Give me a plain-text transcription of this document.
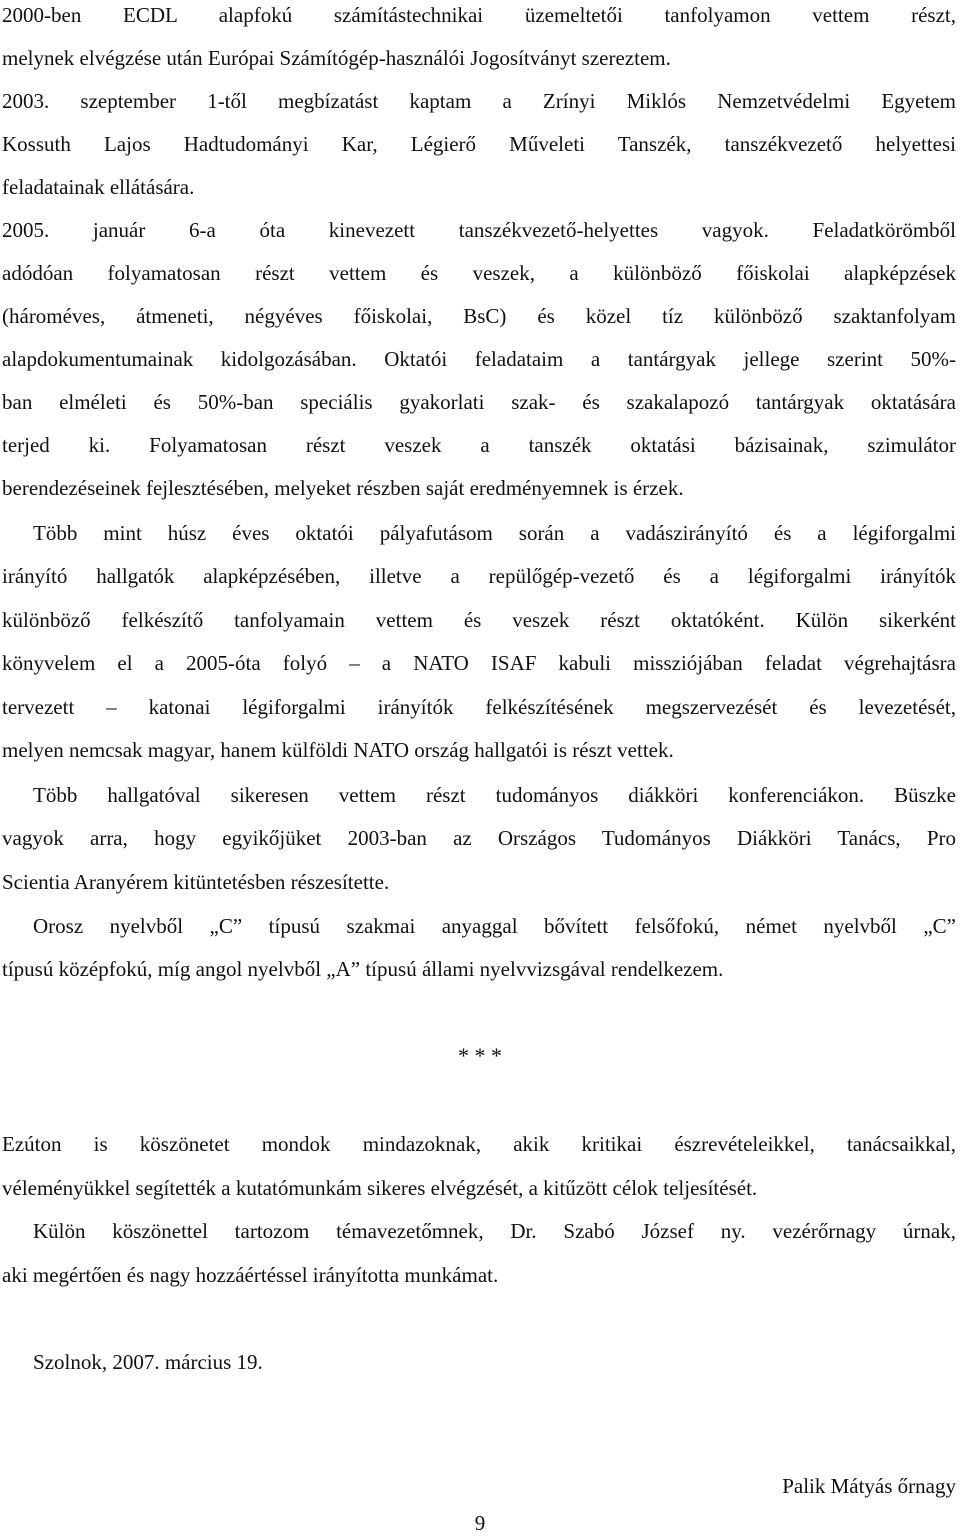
2000-ben ECDL alapfokú számítástechnikai üzemeltetői tanfolyamon vettem részt,
melynek elvégzése után Európai Számítógép-használói Jogosítványt szereztem.
2003. szeptember 1-től megbízatást kaptam a Zrínyi Miklós Nemzetvédelmi Egyetem
Kossuth Lajos Hadtudományi Kar, Légierő Műveleti Tanszék, tanszékvezető helyettesi
feladatainak ellátására.
2005. január 6-a óta kinevezett tanszékvezető-helyettes vagyok. Feladatkörömből
adódóan folyamatosan részt vettem és veszek, a különböző főiskolai alapképzések
(hároméves, átmeneti, négyéves főiskolai, BsC) és közel tíz különböző szaktanfolyam
alapdokumentumainak kidolgozásában. Oktatói feladataim a tantárgyak jellege szerint 50%-
ban elméleti és 50%-ban speciális gyakorlati szak- és szakalapozó tantárgyak oktatására
terjed ki. Folyamatosan részt veszek a tanszék oktatási bázisainak, szimulátor
berendezéseinek fejlesztésében, melyeket részben saját eredményemnek is érzek.
Több mint húsz éves oktatói pályafutásom során a vadászirányító és a légiforgalmi
irányító hallgatók alapképzésében, illetve a repülőgép-vezető és a légiforgalmi irányítók
különböző felkészítő tanfolyamain vettem és veszek részt oktatóként. Külön sikerként
könyvelem el a 2005-óta folyó – a NATO ISAF kabuli missziójában feladat végrehajtásra
tervezett – katonai légiforgalmi irányítók felkészítésének megszervezését és levezetését,
melyen nemcsak magyar, hanem külföldi NATO ország hallgatói is részt vettek.
Több hallgatóval sikeresen vettem részt tudományos diákköri konferenciákon. Büszke
vagyok arra, hogy egyikőjüket 2003-ban az Országos Tudományos Diákköri Tanács, Pro
Scientia Aranyérem kitüntetésben részesítette.
Orosz nyelvből „C” típusú szakmai anyaggal bővített felsőfokú, német nyelvből „C”
típusú középfokú, míg angol nyelvből „A” típusú állami nyelvvizsgával rendelkezem.
* * *
Ezúton is köszönetet mondok mindazoknak, akik kritikai észrevételeikkel, tanácsaikkal,
véleményükkel segítették a kutatómunkám sikeres elvégzését, a kitűzött célok teljesítését.
Külön köszönettel tartozom témavezetőmnek, Dr. Szabó József ny. vezérőrnagy úrnak,
aki megértően és nagy hozzáértéssel irányította munkámat.
Szolnok, 2007. március 19.
Palik Mátyás őrnagy
9
